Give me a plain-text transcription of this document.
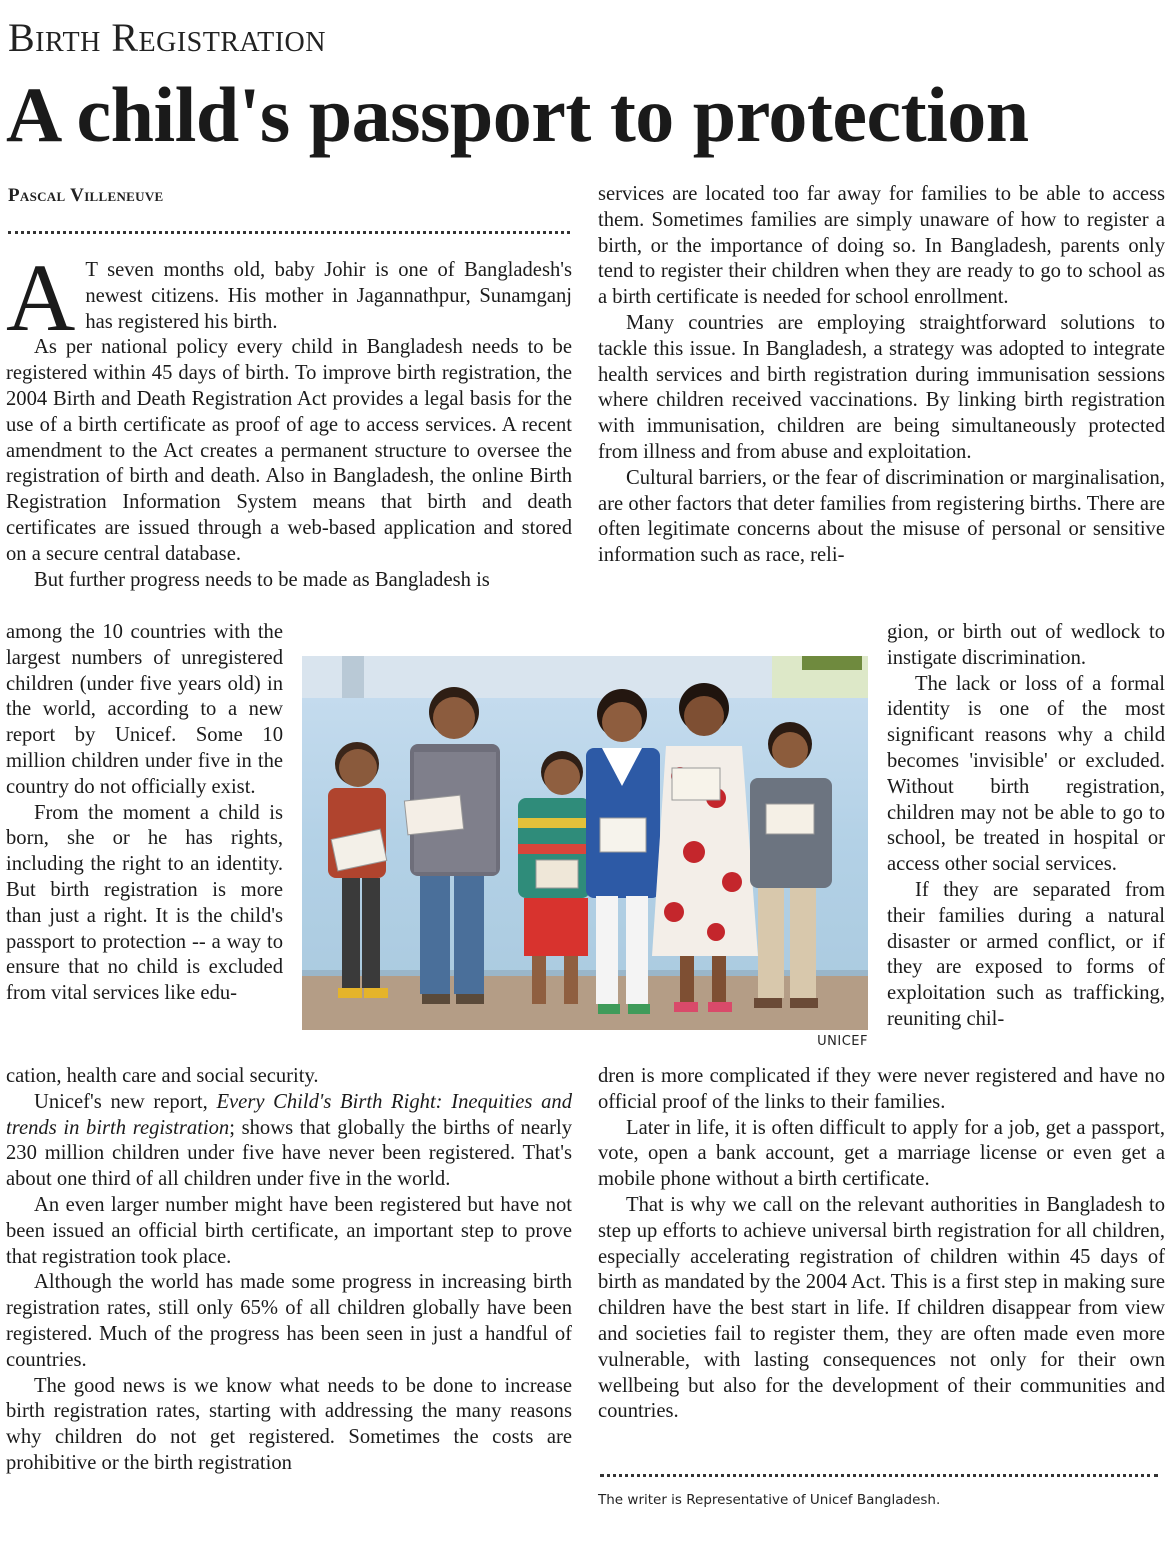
Birth Registration
A child's passport to protection
Pascal Villeneuve

A T seven months old, baby Johir is one of Bangladesh's newest citizens. His mother in Jagannathpur, Sunamganj has registered his birth.

As per national policy every child in Bangladesh needs to be registered within 45 days of birth. To improve birth registration, the 2004 Birth and Death Registration Act provides a legal basis for the use of a birth certificate as proof of age to access services. A recent amendment to the Act creates a permanent structure to oversee the registration of birth and death. Also in Bangladesh, the online Birth Registration Information System means that birth and death certificates are issued through a web-based application and stored on a secure central database.

But further progress needs to be made as Bangladesh is

among the 10 countries with the largest numbers of unregistered children (under five years old) in the world, according to a new report by Unicef. Some 10 million children under five in the country do not officially exist.

From the moment a child is born, she or he has rights, including the right to an identity. But birth registration is more than just a right. It is the child's passport to protection -- a way to ensure that no child is excluded from vital services like edu-

cation, health care and social security.

Unicef's new report, Every Child's Birth Right: Inequities and trends in birth registration; shows that globally the births of nearly 230 million children under five have never been registered. That's about one third of all children under five in the world.

An even larger number might have been registered but have not been issued an official birth certificate, an important step to prove that registration took place.

Although the world has made some progress in increasing birth registration rates, still only 65% of all children globally have been registered. Much of the progress has been seen in just a handful of countries.

The good news is we know what needs to be done to increase birth registration rates, starting with addressing the many reasons why children do not get registered. Sometimes the costs are prohibitive or the birth registration

services are located too far away for families to be able to access them. Sometimes families are simply unaware of how to register a birth, or the importance of doing so. In Bangladesh, parents only tend to register their children when they are ready to go to school as a birth certificate is needed for school enrollment.

Many countries are employing straightforward solutions to tackle this issue. In Bangladesh, a strategy was adopted to integrate health services and birth registration during immunisation sessions where children received vaccinations. By linking birth registration with immunisation, children are being simultaneously protected from illness and from abuse and exploitation.

Cultural barriers, or the fear of discrimination or marginalisation, are other factors that deter families from registering births. There are often legitimate concerns about the misuse of personal or sensitive information such as race, reli-

gion, or birth out of wedlock to instigate discrimination.

The lack or loss of a formal identity is one of the most significant reasons why a child becomes 'invisible' or excluded. Without birth registration, children may not be able to go to school, be treated in hospital or access other social services.

If they are separated from their families during a natural disaster or armed conflict, or if they are exposed to forms of exploitation such as trafficking, reuniting chil-

dren is more complicated if they were never registered and have no official proof of the links to their families.

Later in life, it is often difficult to apply for a job, get a passport, vote, open a bank account, get a marriage license or even get a mobile phone without a birth certificate.

That is why we call on the relevant authorities in Bangladesh to step up efforts to achieve universal birth registration for all children, especially accelerating registration of children within 45 days of birth as mandated by the 2004 Act. This is a first step in making sure children have the best start in life. If children disappear from view and societies fail to register them, they are often made even more vulnerable, with lasting consequences not only for their own wellbeing but also for the development of their communities and countries.

UNICEF
The writer is Representative of Unicef Bangladesh.
